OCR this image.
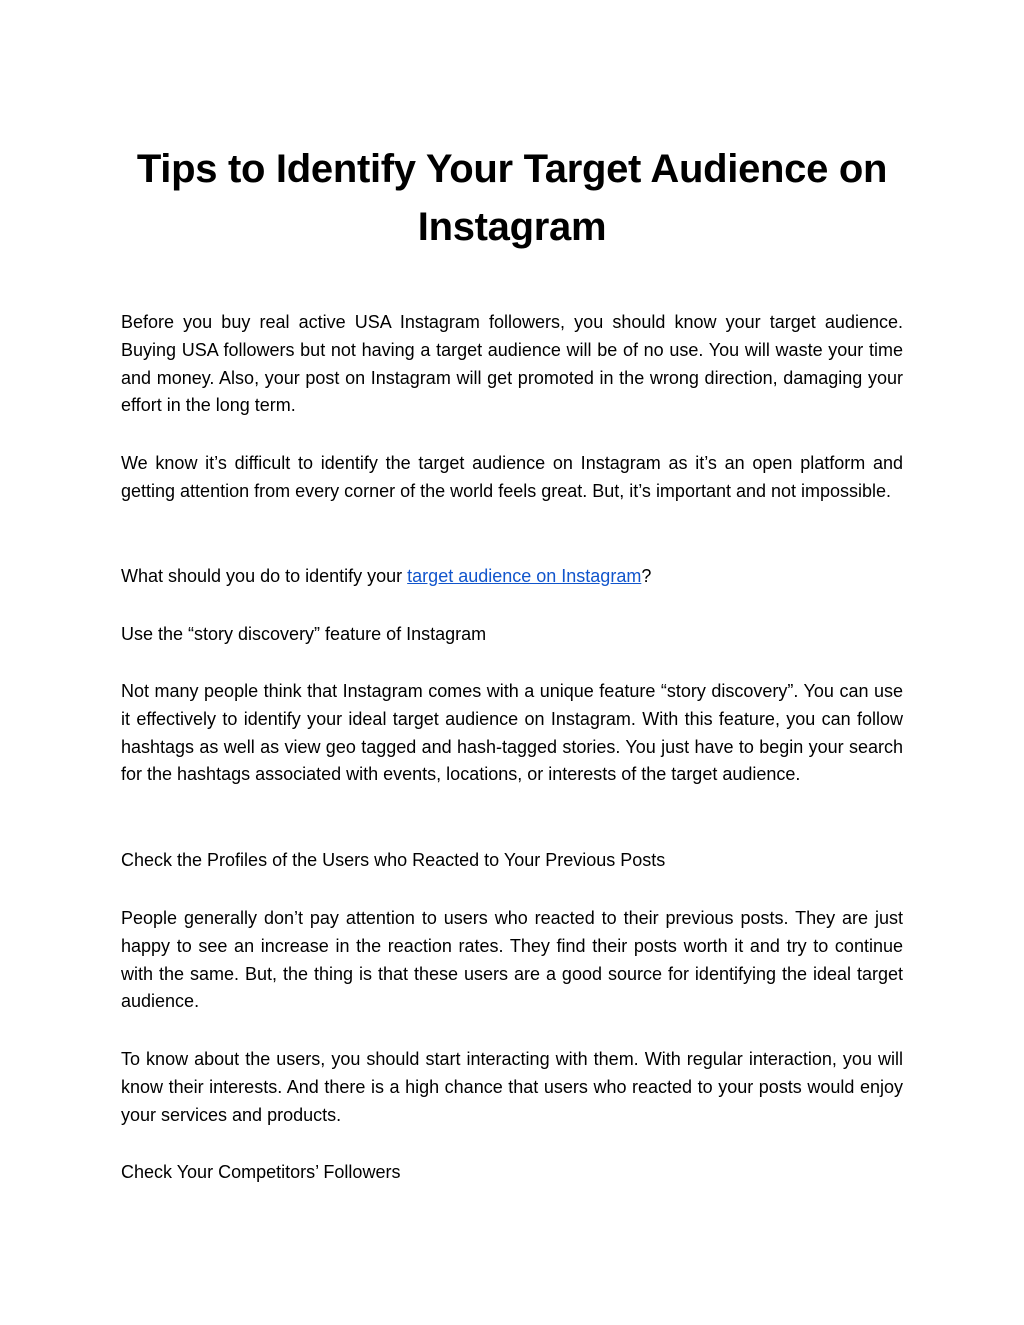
Tips to Identify Your Target Audience on Instagram

Before you buy real active USA Instagram followers, you should know your target audience. Buying USA followers but not having a target audience will be of no use. You will waste your time and money. Also, your post on Instagram will get promoted in the wrong direction, damaging your effort in the long term.

We know it’s difficult to identify the target audience on Instagram as it’s an open platform and getting attention from every corner of the world feels great. But, it’s important and not impossible.

What should you do to identify your target audience on Instagram?

Use the “story discovery” feature of Instagram

Not many people think that Instagram comes with a unique feature “story discovery”. You can use it effectively to identify your ideal target audience on Instagram. With this feature, you can follow hashtags as well as view geo tagged and hash-tagged stories. You just have to begin your search for the hashtags associated with events, locations, or interests of the target audience.

Check the Profiles of the Users who Reacted to Your Previous Posts

People generally don’t pay attention to users who reacted to their previous posts. They are just happy to see an increase in the reaction rates. They find their posts worth it and try to continue with the same. But, the thing is that these users are a good source for identifying the ideal target audience.

To know about the users, you should start interacting with them. With regular interaction, you will know their interests. And there is a high chance that users who reacted to your posts would enjoy your services and products.

Check Your Competitors’ Followers
